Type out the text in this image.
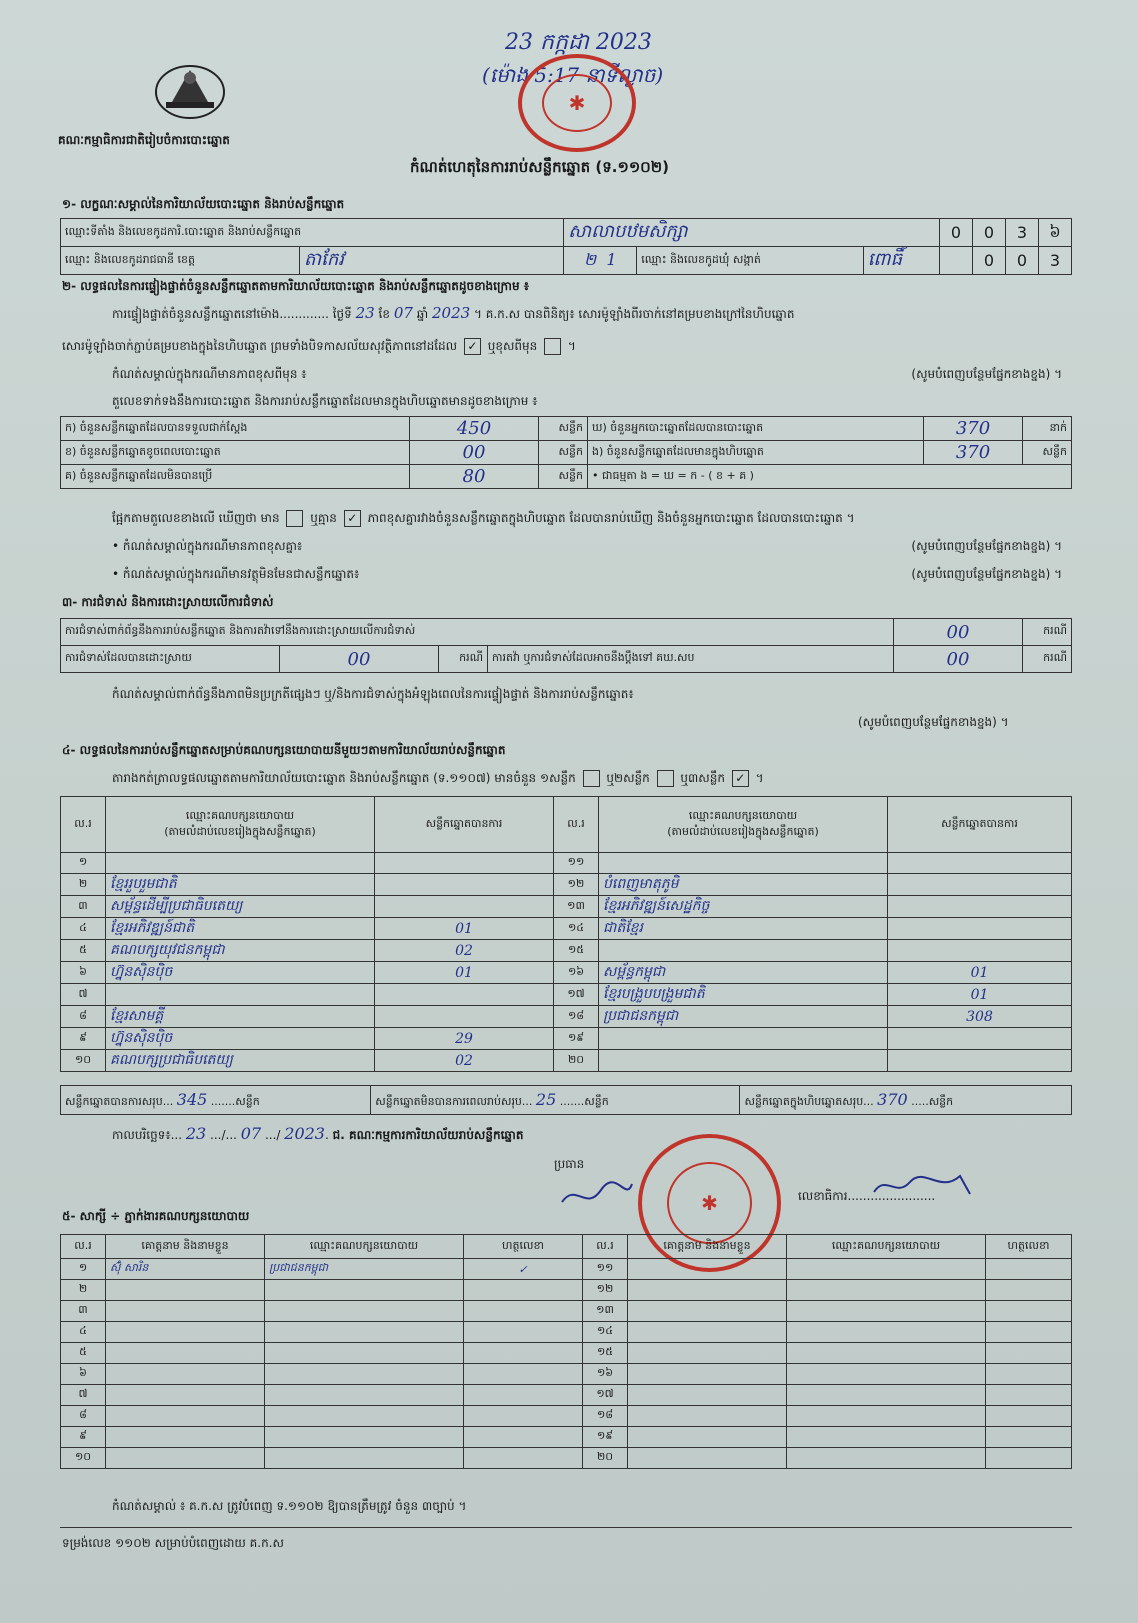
គណៈកម្មាធិការជាតិរៀបចំការបោះឆ្នោត
23 កក្កដា 2023
(ម៉ោង 5:17 នាទីល្ងាច)
✱
កំណត់ហេតុនៃការរាប់សន្លឹកឆ្នោត (ទ.១១០២)
១- លក្ខណៈសម្គាល់នៃការិយាល័យបោះឆ្នោត និងរាប់សន្លឹកឆ្នោត
ឈ្មោះទីតាំង និងលេខកូដការិ.បោះឆ្នោត និងរាប់សន្លឹកឆ្នោត		សាលាបឋមសិក្សា			0	0	3	៦
ឈ្មោះ និងលេខកូដរាជធានី ខេត្ត	តាកែវ	២ 1	ឈ្មោះ និងលេខកូដឃុំ សង្កាត់	ពោធិ៍		0	0	3
២- លទ្ធផលនៃការផ្ទៀងផ្ទាត់ចំនួនសន្លឹកឆ្នោតតាមការិយាល័យបោះឆ្នោត និងរាប់សន្លឹកឆ្នោតដូចខាងក្រោម ៖
ការផ្ទៀងផ្ទាត់ចំនួនសន្លឹកឆ្នោតនៅម៉ោង............. ថ្ងៃទី 23 ខែ 07 ឆ្នាំ 2023 ។ គ.ក.ស បានពិនិត្យ៖ សោរម៉ូឡាំងពីរចាក់នៅគម្របខាងក្រៅនៃហិបឆ្នោត
សោរម៉ូឡាំងចាក់ភ្ជាប់គម្របខាងក្នុងនៃហិបឆ្នោត ព្រមទាំងបិទកាសល័យសុវត្ថិភាពនៅដដែល ✓ ឬខុសពីមុន  ។
កំណត់សម្គាល់ក្នុងករណីមានភាពខុសពីមុន ៖	(សូមបំពេញបន្ថែមផ្នែកខាងខ្នង) ។
តួលេខទាក់ទងនឹងការបោះឆ្នោត និងការរាប់សន្លឹកឆ្នោតដែលមានក្នុងហិបឆ្នោតមានដូចខាងក្រោម ៖
ក) ចំនួនសន្លឹកឆ្នោតដែលបានទទួលជាក់ស្តែង	450	សន្លឹក	ឃ) ចំនួនអ្នកបោះឆ្នោតដែលបានបោះឆ្នោត	370	នាក់
ខ) ចំនួនសន្លឹកឆ្នោតខូចពេលបោះឆ្នោត	00	សន្លឹក	ង) ចំនួនសន្លឹកឆ្នោតដែលមានក្នុងហិបឆ្នោត	370	សន្លឹក
គ) ចំនួនសន្លឹកឆ្នោតដែលមិនបានប្រើ	80	សន្លឹក	• ជាធម្មតា ង = ឃ = ក - ( ខ + គ )		
ផ្អែកតាមតួលេខខាងលើ ឃើញថា មាន	ឬគ្មាន ✓ ភាពខុសគ្នារវាងចំនួនសន្លឹកឆ្នោតក្នុងហិបឆ្នោត ដែលបានរាប់ឃើញ និងចំនួនអ្នកបោះឆ្នោត ដែលបានបោះឆ្នោត ។
• កំណត់សម្គាល់ក្នុងករណីមានភាពខុសគ្នា៖	(សូមបំពេញបន្ថែមផ្នែកខាងខ្នង) ។
• កំណត់សម្គាល់ក្នុងករណីមានវត្ថុមិនមែនជាសន្លឹកឆ្នោត៖	(សូមបំពេញបន្ថែមផ្នែកខាងខ្នង) ។
៣- ការជំទាស់ និងការដោះស្រាយលើការជំទាស់
ការជំទាស់ពាក់ព័ន្ធនឹងការរាប់សន្លឹកឆ្នោត និងការតវ៉ាទៅនឹងការដោះស្រាយលើការជំទាស់				00	ករណី
ការជំទាស់ដែលបានដោះស្រាយ	00	ករណី	ការតវ៉ា ឬការជំទាស់ដែលអាចនឹងប្តឹងទៅ គឃ.សប	00	ករណី
កំណត់សម្គាល់ពាក់ព័ន្ធនឹងភាពមិនប្រក្រតីផ្សេងៗ ឬ/និងការជំទាស់ក្នុងអំឡុងពេលនៃការផ្ទៀងផ្ទាត់ និងការរាប់សន្លឹកឆ្នោត៖
(សូមបំពេញបន្ថែមផ្នែកខាងខ្នង) ។
៤- លទ្ធផលនៃការរាប់សន្លឹកឆ្នោតសម្រាប់គណបក្សនយោបាយនីមួយៗតាមការិយាល័យរាប់សន្លឹកឆ្នោត
តារាងកត់ត្រាលទ្ធផលឆ្នោតតាមការិយាល័យបោះឆ្នោត និងរាប់សន្លឹកឆ្នោត (ទ.១១០៧) មានចំនួន ១សន្លឹក	ឬ២សន្លឹក	ឬ៣សន្លឹក ✓ ។
ល.រ	ឈ្មោះគណបក្សនយោបាយ
(តាមលំដាប់លេខរៀងក្នុងសន្លឹកឆ្នោត)	សន្លឹកឆ្នោតបានការ	ល.រ	ឈ្មោះគណបក្សនយោបាយ
(តាមលំដាប់លេខរៀងក្នុងសន្លឹកឆ្នោត)	សន្លឹកឆ្នោតបានការ
១			១១		
២	ខ្មែររួបរួមជាតិ		១២	បំពេញមាតុភូមិ	
៣	សម្ព័ន្ធដើម្បីប្រជាធិបតេយ្យ		១៣	ខ្មែរអភិវឌ្ឍន៍សេដ្ឋកិច្ច	
៤	ខ្មែរអភិវឌ្ឍន៍ជាតិ	01	១៤	ជាតិខ្មែរ	
៥	គណបក្សយុវជនកម្ពុជា	02	១៥		
៦	ហ្វ៊ុនស៊ិនប៉ិច	01	១៦	សម្ព័ន្ធកម្ពុជា	01
៧			១៧	ខ្មែរបង្រួបបង្រួមជាតិ	01
៨	ខ្មែរសាមគ្គី		១៨	ប្រជាជនកម្ពុជា	308
៩	ហ្វ៊ុនស៊ិនប៉ិច	29	១៩		
១០	គណបក្សប្រជាធិបតេយ្យ	02	២០		
សន្លឹកឆ្នោតបានការសរុប... 345 .......សន្លឹក	សន្លឹកឆ្នោតមិនបានការពេលរាប់សរុប... 25 .......សន្លឹក	សន្លឹកឆ្នោតក្នុងហិបឆ្នោតសរុប... 370 .....សន្លឹក
កាលបរិច្ឆេទ៖... 23 .../... 07 .../ 2023. ជ. គណៈកម្មការការិយាល័យរាប់សន្លឹកឆ្នោត
ប្រធាន
✱	លេខាធិការ.......................
៥- សាក្សី ÷ ភ្នាក់ងារគណបក្សនយោបាយ
ល.រ	គោត្តនាម និងនាមខ្លួន	ឈ្មោះគណបក្សនយោបាយ	ហត្ថលេខា	ល.រ	គោត្តនាម និងនាមខ្លួន	ឈ្មោះគណបក្សនយោបាយ	ហត្ថលេខា
១	ស៊ុំ សារិន	ប្រជាជនកម្ពុជា	✓	១១			
២				១២			
៣				១៣			
៤				១៤			
៥				១៥			
៦				១៦			
៧				១៧			
៨				១៨			
៩				១៩			
១០				២០			
កំណត់សម្គាល់ ៖ គ.ក.ស ត្រូវបំពេញ ទ.១១០២ ឱ្យបានត្រឹមត្រូវ ចំនួន ៣ច្បាប់ ។
ទម្រង់លេខ ១១០២ សម្រាប់បំពេញដោយ គ.ក.ស
